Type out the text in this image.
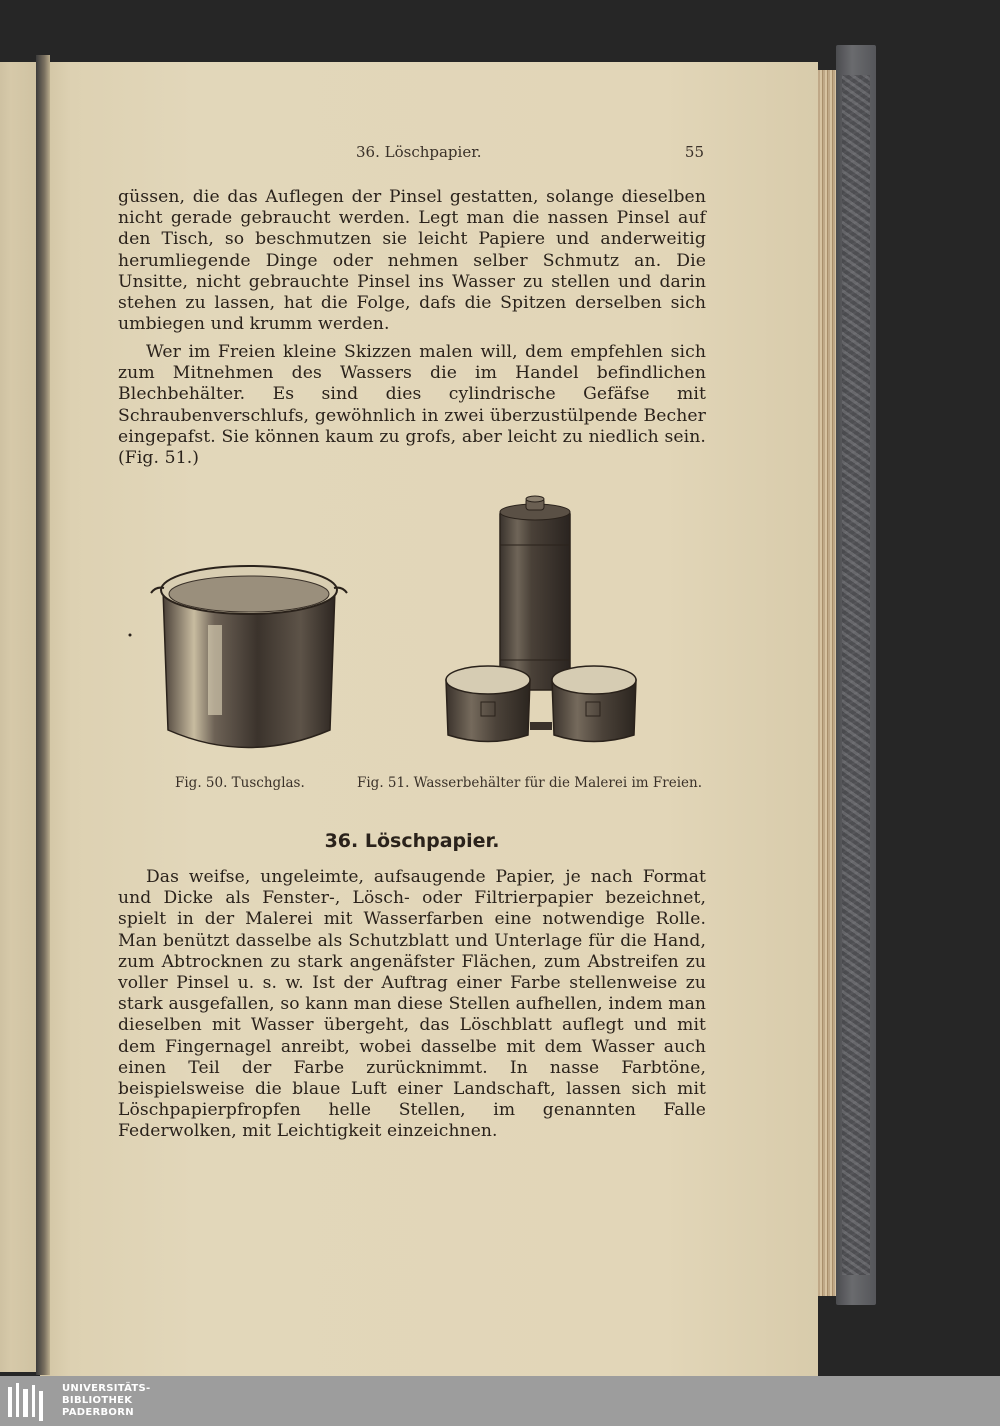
36. Löschpapier.	55

güssen, die das Auflegen der Pinsel gestatten, solange dieselben nicht gerade gebraucht werden. Legt man die nassen Pinsel auf den Tisch, so beschmutzen sie leicht Papiere und anderweitig herumliegende Dinge oder nehmen selber Schmutz an. Die Unsitte, nicht gebrauchte Pinsel ins Wasser zu stellen und darin stehen zu lassen, hat die Folge, dafs die Spitzen derselben sich umbiegen und krumm werden.

Wer im Freien kleine Skizzen malen will, dem empfehlen sich zum Mitnehmen des Wassers die im Handel befindlichen Blechbehälter. Es sind dies cylindrische Gefäfse mit Schraubenverschlufs, gewöhnlich in zwei überzustülpende Becher eingepafst. Sie können kaum zu grofs, aber leicht zu niedlich sein. (Fig. 51.)

Fig. 50. Tuschglas.	Fig. 51. Wasserbehälter für die Malerei im Freien.
36. Löschpapier.

Das weifse, ungeleimte, aufsaugende Papier, je nach Format und Dicke als Fenster-, Lösch- oder Filtrierpapier bezeichnet, spielt in der Malerei mit Wasserfarben eine notwendige Rolle. Man benützt dasselbe als Schutzblatt und Unterlage für die Hand, zum Abtrocknen zu stark angenäfster Flächen, zum Abstreifen zu voller Pinsel u. s. w. Ist der Auftrag einer Farbe stellenweise zu stark ausgefallen, so kann man diese Stellen aufhellen, indem man dieselben mit Wasser übergeht, das Löschblatt auflegt und mit dem Fingernagel anreibt, wobei dasselbe mit dem Wasser auch einen Teil der Farbe zurücknimmt. In nasse Farbtöne, beispielsweise die blaue Luft einer Landschaft, lassen sich mit Löschpapierpfropfen helle Stellen, im genannten Falle Federwolken, mit Leichtigkeit einzeichnen.

UNIVERSITÄTS-
BIBLIOTHEK
PADERBORN
